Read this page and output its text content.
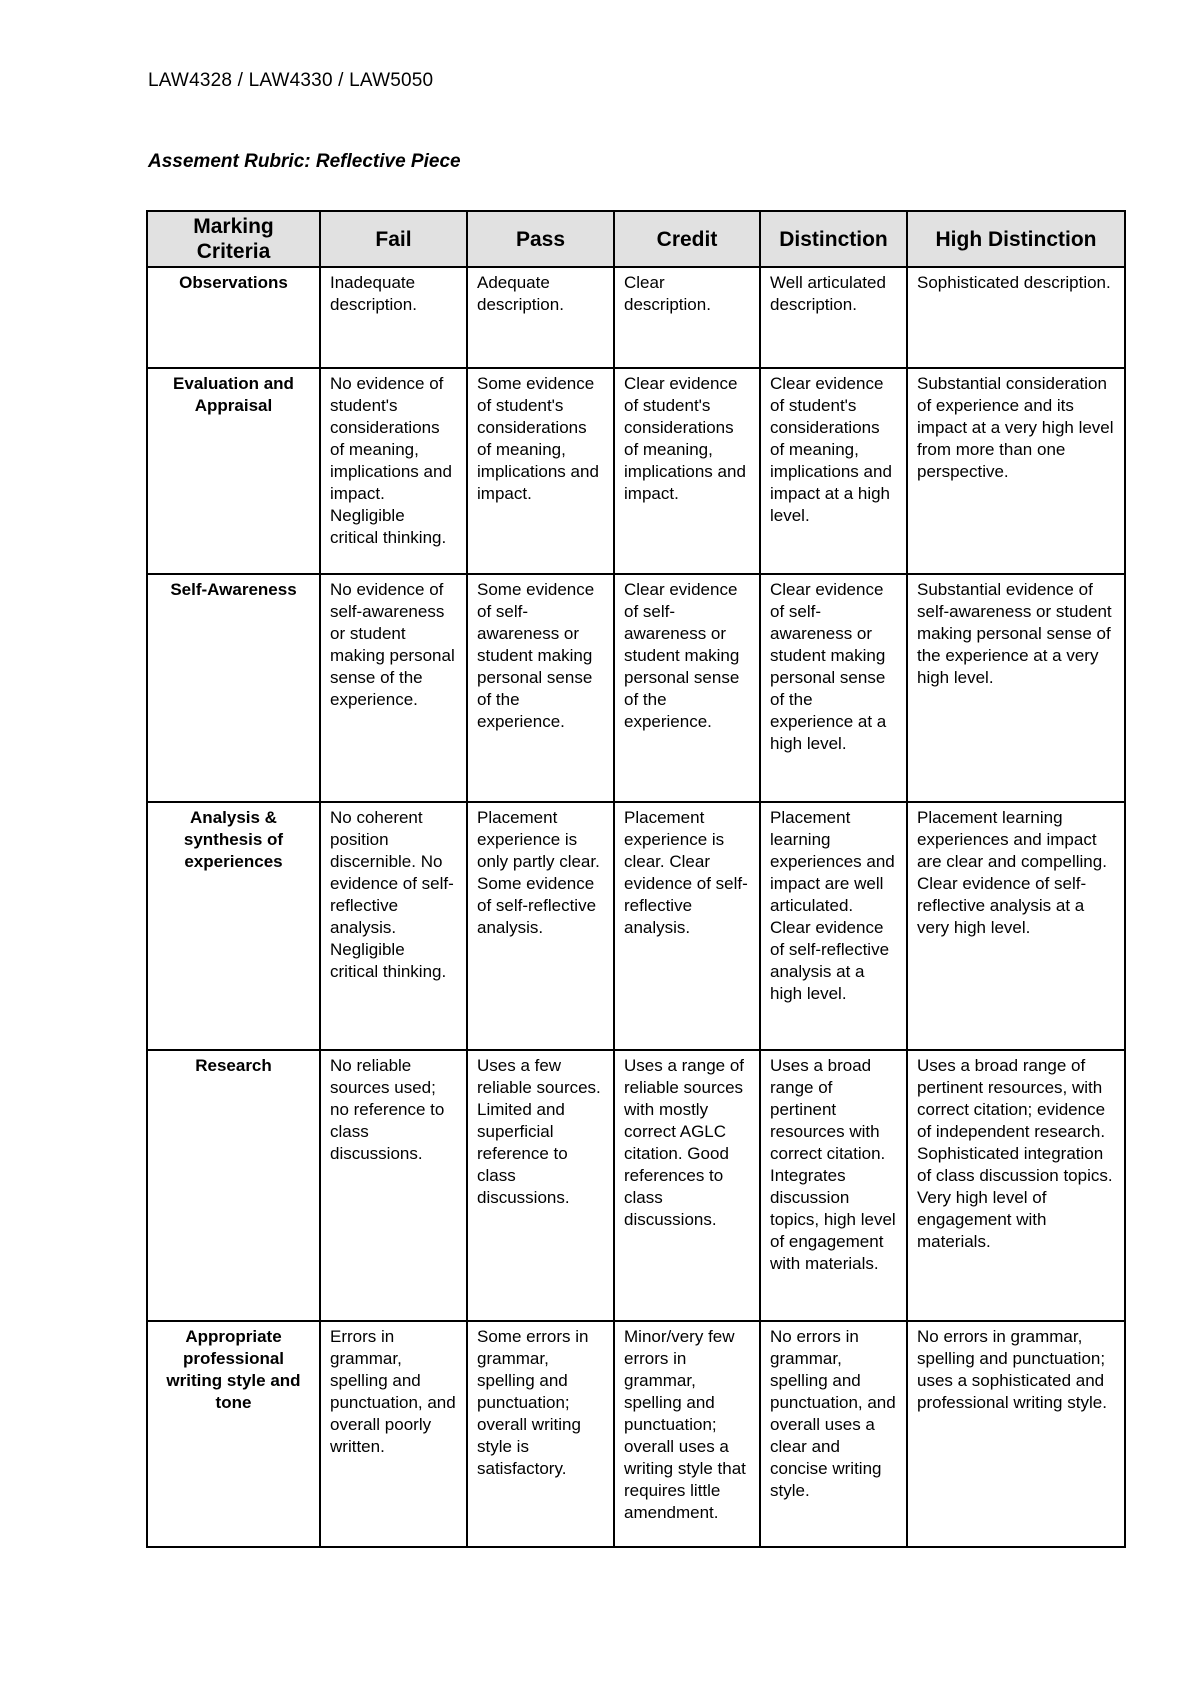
LAW4328 / LAW4330 / LAW5050
Assement Rubric: Reflective Piece
Marking Criteria	Fail	Pass	Credit	Distinction	High Distinction
Observations	Inadequate description.	Adequate description.	Clear description.	Well articulated description.	Sophisticated description.
Evaluation and Appraisal	No evidence of student's considerations of meaning, implications and impact. Negligible critical thinking.	Some evidence of student's considerations of meaning, implications and impact.	Clear evidence of student's considerations of meaning, implications and impact.	Clear evidence of student's considerations of meaning, implications and impact at a high level.	Substantial consideration of experience and its impact at a very high level from more than one perspective.
Self-Awareness	No evidence of self-awareness or student making personal sense of the experience.	Some evidence of self-awareness or student making personal sense of the experience.	Clear evidence of self-awareness or student making personal sense of the experience.	Clear evidence of self-awareness or student making personal sense of the experience at a high level.	Substantial evidence of self-awareness or student making personal sense of the experience at a very high level.
Analysis & synthesis of experiences	No coherent position discernible. No evidence of self-reflective analysis. Negligible critical thinking.	Placement experience is only partly clear. Some evidence of self-reflective analysis.	Placement experience is clear. Clear evidence of self-reflective analysis.	Placement learning experiences and impact are well articulated. Clear evidence of self-reflective analysis at a high level.	Placement learning experiences and impact are clear and compelling. Clear evidence of self-reflective analysis at a very high level.
Research	No reliable sources used; no reference to class discussions.	Uses a few reliable sources. Limited and superficial reference to class discussions.	Uses a range of reliable sources with mostly correct AGLC citation. Good references to class discussions.	Uses a broad range of pertinent resources with correct citation. Integrates discussion topics, high level of engagement with materials.	Uses a broad range of pertinent resources, with correct citation; evidence of independent research. Sophisticated integration of class discussion topics. Very high level of engagement with materials.
Appropriate professional writing style and tone	Errors in grammar, spelling and punctuation, and overall poorly written.	Some errors in grammar, spelling and punctuation; overall writing style is satisfactory.	Minor/very few errors in grammar, spelling and punctuation; overall uses a writing style that requires little amendment.	No errors in grammar, spelling and punctuation, and overall uses a clear and concise writing style.	No errors in grammar, spelling and punctuation; uses a sophisticated and professional writing style.
